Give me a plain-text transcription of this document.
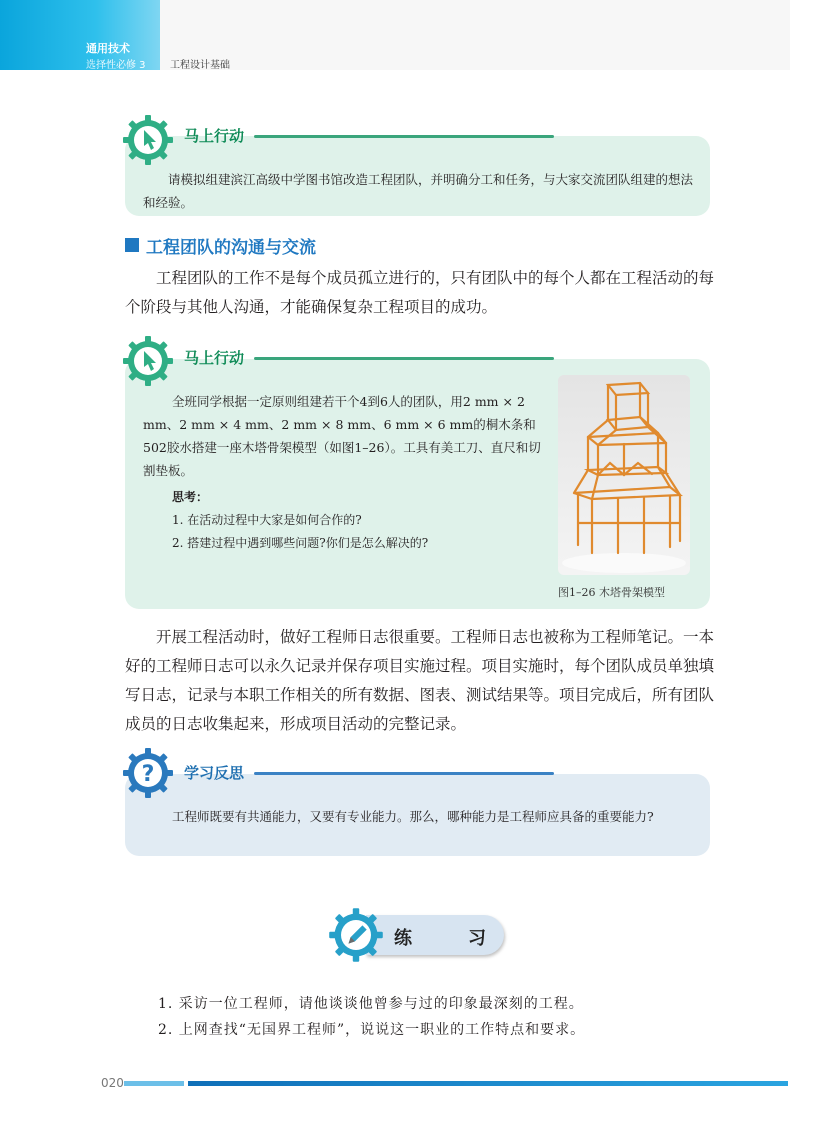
通用技术
选择性必修 3 工程设计基础
马上行动
请模拟组建滨江高级中学图书馆改造工程团队，并明确分工和任务，与大家交流团队组建的想法和经验。
工程团队的沟通与交流
工程团队的工作不是每个成员孤立进行的，只有团队中的每个人都在工程活动的每个阶段与其他人沟通，才能确保复杂工程项目的成功。
马上行动
全班同学根据一定原则组建若干个4到6人的团队，用2 mm × 2 mm、2 mm × 4 mm、2 mm × 8 mm、6 mm × 6 mm的桐木条和502胶水搭建一座木塔骨架模型（如图1–26）。工具有美工刀、直尺和切割垫板。
思考：
1. 在活动过程中大家是如何合作的?
2. 搭建过程中遇到哪些问题?你们是怎么解决的?
图1–26 木塔骨架模型
开展工程活动时，做好工程师日志很重要。工程师日志也被称为工程师笔记。一本好的工程师日志可以永久记录并保存项目实施过程。项目实施时，每个团队成员单独填写日志，记录与本职工作相关的所有数据、图表、测试结果等。项目完成后，所有团队成员的日志收集起来，形成项目活动的完整记录。
? 学习反思
工程师既要有共通能力，又要有专业能力。那么，哪种能力是工程师应具备的重要能力?
练	习
1. 采访一位工程师，请他谈谈他曾参与过的印象最深刻的工程。
2. 上网查找“无国界工程师”，说说这一职业的工作特点和要求。
020
